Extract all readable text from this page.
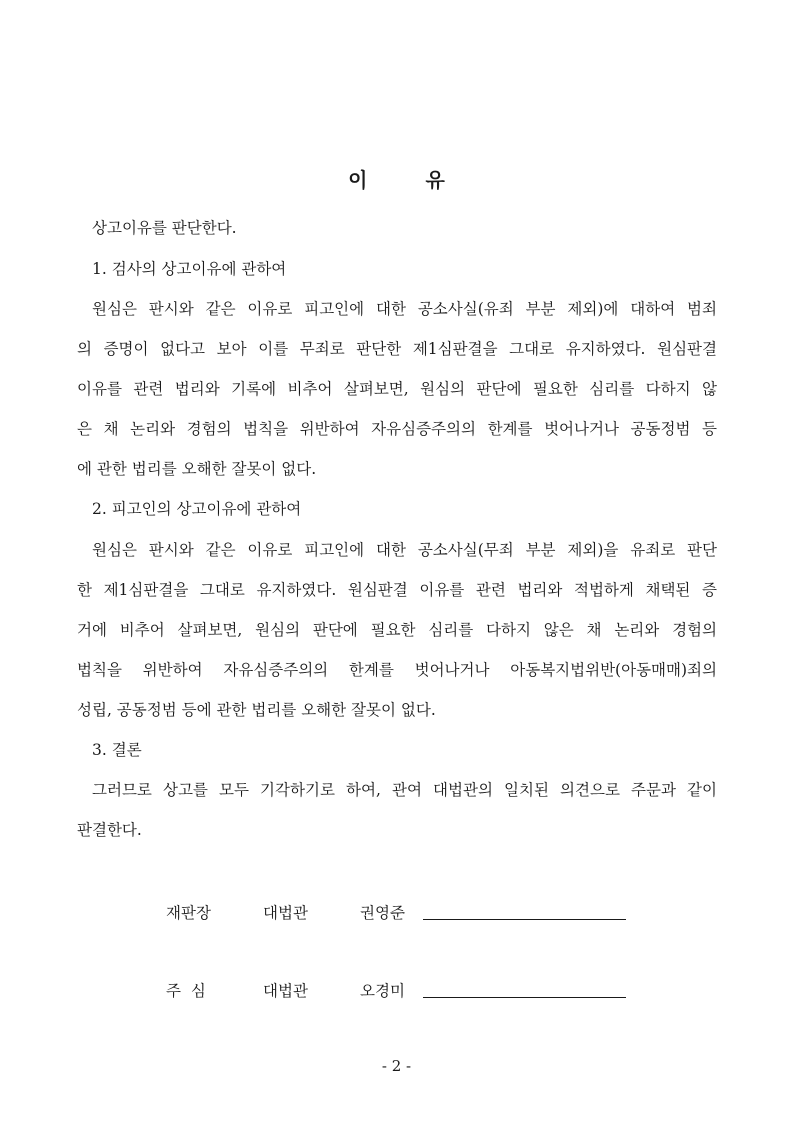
이	유
상고이유를 판단한다.
1. 검사의 상고이유에 관하여
원심은 판시와 같은 이유로 피고인에 대한 공소사실(유죄 부분 제외)에 대하여 범죄
의 증명이 없다고 보아 이를 무죄로 판단한 제1심판결을 그대로 유지하였다. 원심판결
이유를 관련 법리와 기록에 비추어 살펴보면, 원심의 판단에 필요한 심리를 다하지 않
은 채 논리와 경험의 법칙을 위반하여 자유심증주의의 한계를 벗어나거나 공동정범 등
에 관한 법리를 오해한 잘못이 없다.
2. 피고인의 상고이유에 관하여
원심은 판시와 같은 이유로 피고인에 대한 공소사실(무죄 부분 제외)을 유죄로 판단
한 제1심판결을 그대로 유지하였다. 원심판결 이유를 관련 법리와 적법하게 채택된 증
거에 비추어 살펴보면, 원심의 판단에 필요한 심리를 다하지 않은 채 논리와 경험의
법칙을 위반하여 자유심증주의의 한계를 벗어나거나 아동복지법위반(아동매매)죄의
성립, 공동정범 등에 관한 법리를 오해한 잘못이 없다.
3. 결론
그러므로 상고를 모두 기각하기로 하여, 관여 대법관의 일치된 의견으로 주문과 같이
판결한다.
재판장	대법관	권영준
주  심	대법관	오경미
- 2 -
